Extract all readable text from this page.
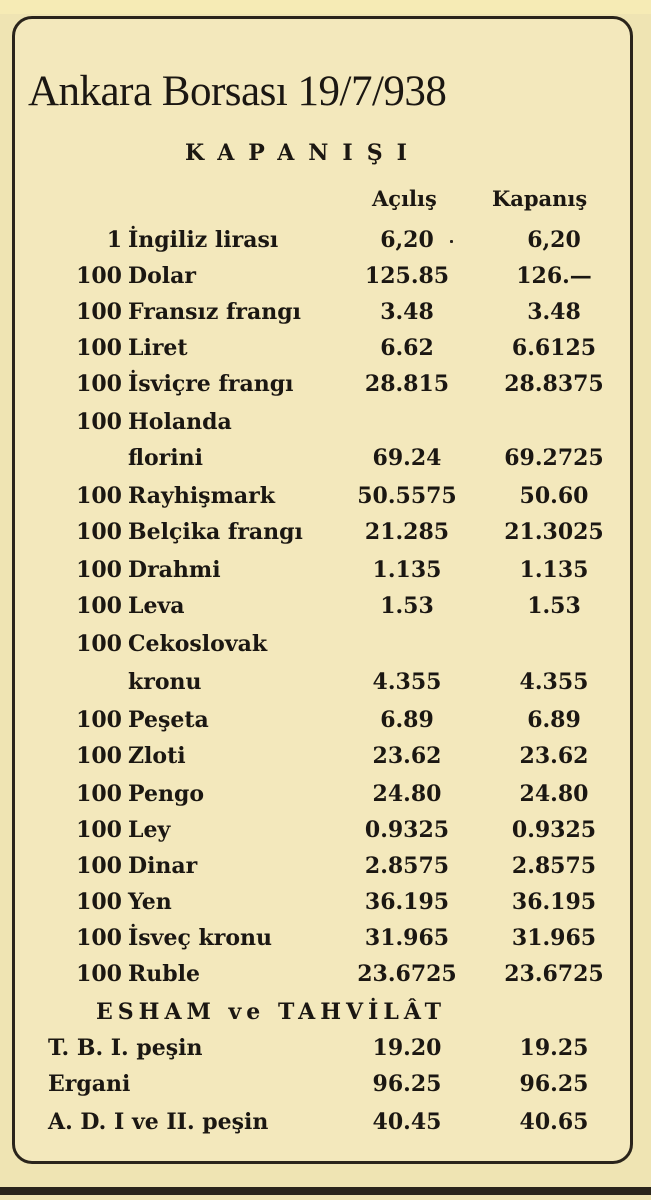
Ankara Borsası 19/7/938
KAPANIŞI
Açılış	Kapanış
1 İngiliz lirası	6,20	6,20
100 Dolar	125.85	126.—
100 Fransız frangı	3.48	3.48
100 Liret	6.62	6.6125
100 İsviçre frangı	28.815	28.8375
100 Holanda
florini	69.24	69.2725
100 Rayhişmark	50.5575	50.60
100 Belçika frangı	21.285	21.3025
100 Drahmi	1.135	1.135
100 Leva	1.53	1.53
100 Cekoslovak
kronu	4.355	4.355
100 Peşeta	6.89	6.89
100 Zloti	23.62	23.62
100 Pengo	24.80	24.80
100 Ley	0.9325	0.9325
100 Dinar	2.8575	2.8575
100 Yen	36.195	36.195
100 İsveç kronu	31.965	31.965
100 Ruble	23.6725	23.6725
ESHAM ve TAHVİLÂT
T. B. I. peşin	19.20	19.25
Ergani	96.25	96.25
A. D. I ve II. peşin	40.45	40.65
